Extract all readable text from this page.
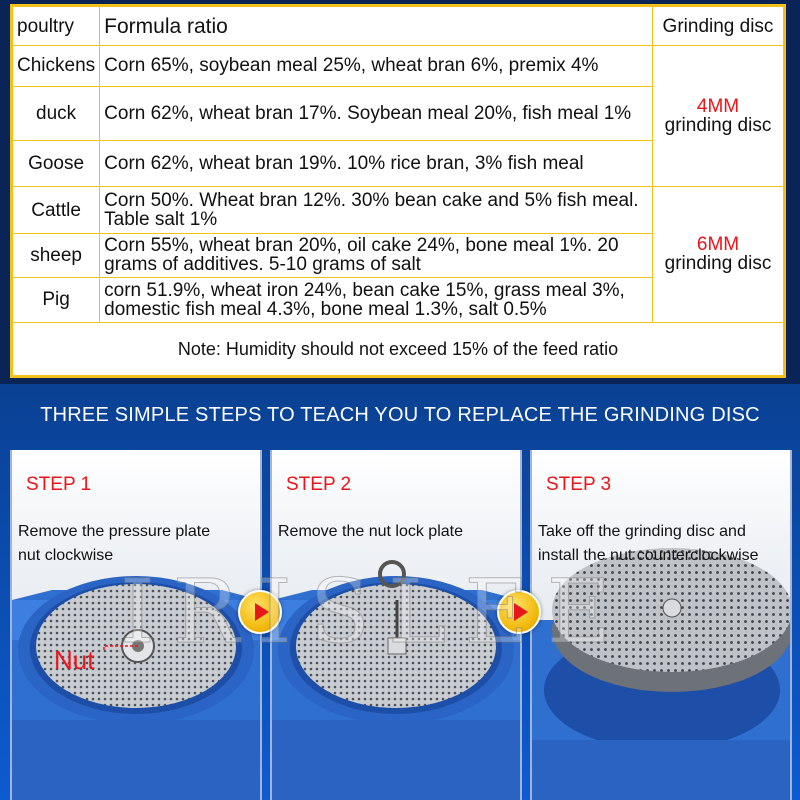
poultry	Formula ratio	Grinding disc
Chickens	Corn 65%, soybean meal 25%, wheat bran 6%, premix 4%	4MM
grinding disc
duck	Corn 62%, wheat bran 17%. Soybean meal 20%, fish meal 1%	
Goose	Corn 62%, wheat bran 19%. 10% rice bran, 3% fish meal	
Cattle	Corn 50%. Wheat bran 12%. 30% bean cake and 5% fish meal. Table salt 1%	6MM
grinding disc
sheep	Corn 55%, wheat bran 20%, oil cake 24%, bone meal 1%. 20 grams of additives. 5-10 grams of salt	
Pig	corn 51.9%, wheat iron 24%, bean cake 15%, grass meal 3%, domestic fish meal 4.3%, bone meal 1.3%, salt 0.5%	
Note: Humidity should not exceed 15% of the feed ratio		
THREE SIMPLE STEPS TO TEACH YOU TO REPLACE THE GRINDING DISC
STEP 1
Remove the pressure plate
nut clockwise
Nut
STEP 2
Remove the nut lock plate
STEP 3
Take off the grinding disc and
install the nut counterclockwise
IRISLEE
